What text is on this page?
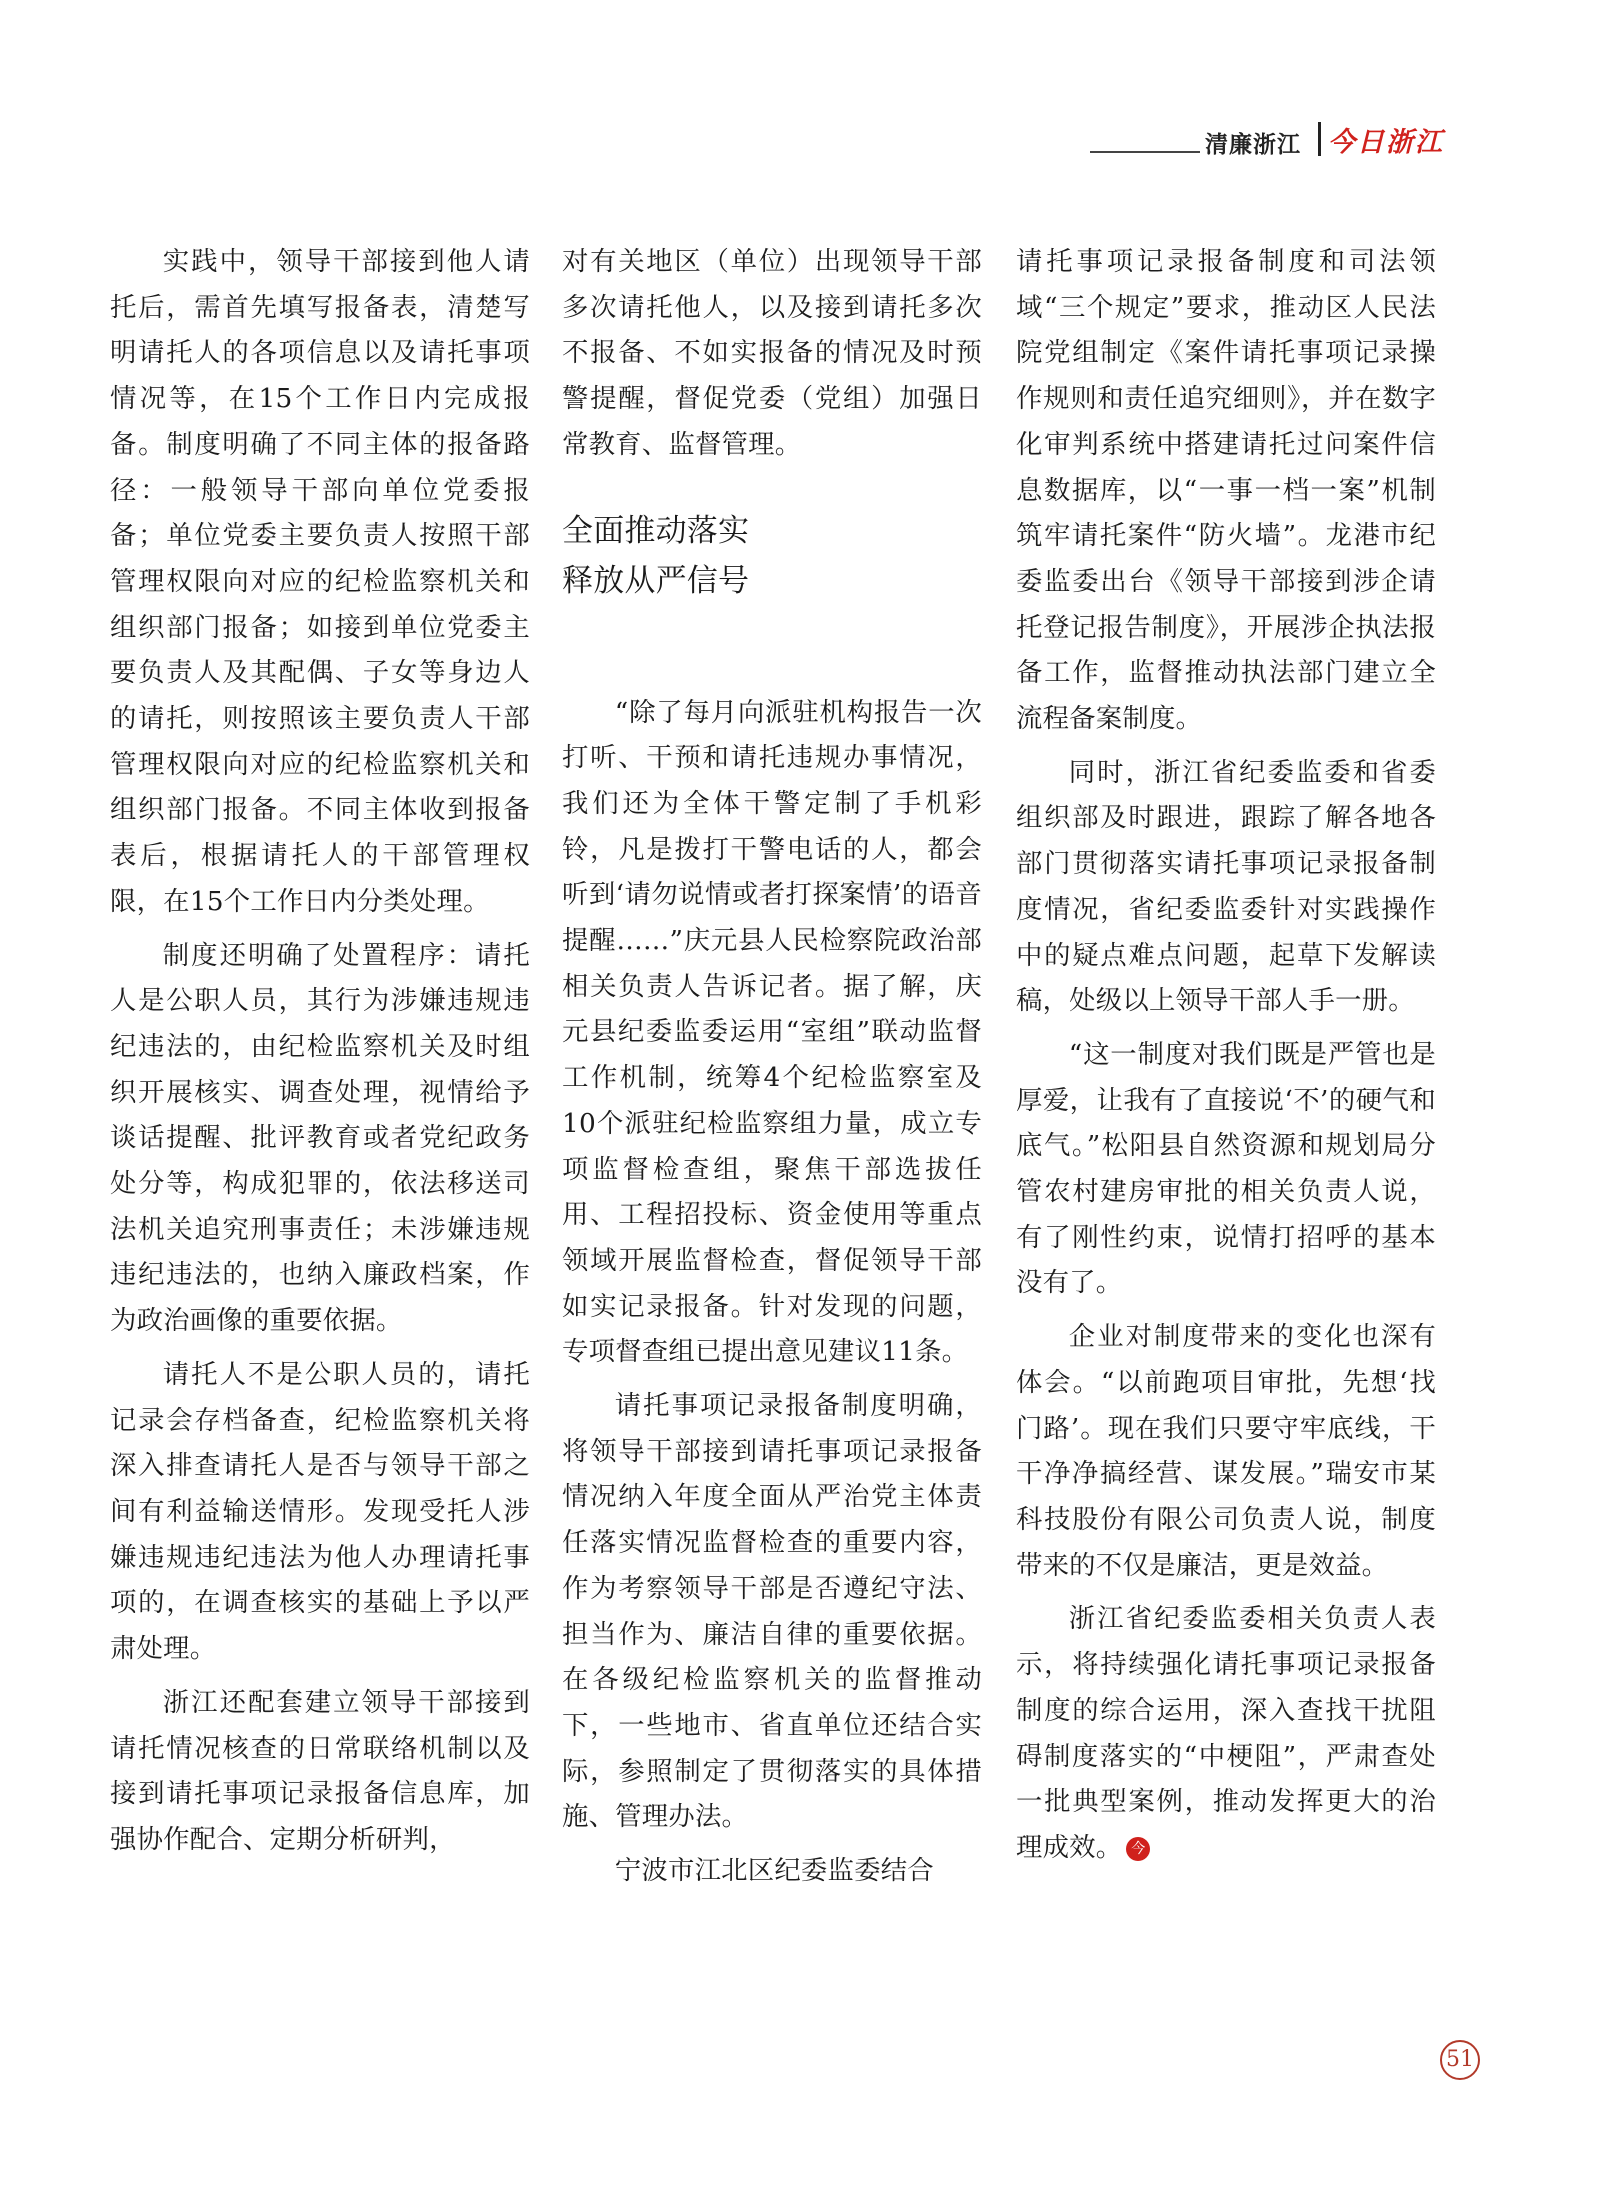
清廉浙江 今日浙江

实践中，领导干部接到他人请托后，需首先填写报备表，清楚写明请托人的各项信息以及请托事项情况等，在15个工作日内完成报备。制度明确了不同主体的报备路径：一般领导干部向单位党委报备；单位党委主要负责人按照干部管理权限向对应的纪检监察机关和组织部门报备；如接到单位党委主要负责人及其配偶、子女等身边人的请托，则按照该主要负责人干部管理权限向对应的纪检监察机关和组织部门报备。不同主体收到报备表后，根据请托人的干部管理权限，在15个工作日内分类处理。

制度还明确了处置程序：请托人是公职人员，其行为涉嫌违规违纪违法的，由纪检监察机关及时组织开展核实、调查处理，视情给予谈话提醒、批评教育或者党纪政务处分等，构成犯罪的，依法移送司法机关追究刑事责任；未涉嫌违规违纪违法的，也纳入廉政档案，作为政治画像的重要依据。

请托人不是公职人员的，请托记录会存档备查，纪检监察机关将深入排查请托人是否与领导干部之间有利益输送情形。发现受托人涉嫌违规违纪违法为他人办理请托事项的，在调查核实的基础上予以严肃处理。

浙江还配套建立领导干部接到请托情况核查的日常联络机制以及接到请托事项记录报备信息库，加强协作配合、定期分析研判，

对有关地区（单位）出现领导干部多次请托他人，以及接到请托多次不报备、不如实报备的情况及时预警提醒，督促党委（党组）加强日常教育、监督管理。

全面推动落实
释放从严信号

“除了每月向派驻机构报告一次打听、干预和请托违规办事情况，我们还为全体干警定制了手机彩铃，凡是拨打干警电话的人，都会听到‘请勿说情或者打探案情’的语音提醒……”庆元县人民检察院政治部相关负责人告诉记者。据了解，庆元县纪委监委运用“室组”联动监督工作机制，统筹4个纪检监察室及10个派驻纪检监察组力量，成立专项监督检查组，聚焦干部选拔任用、工程招投标、资金使用等重点领域开展监督检查，督促领导干部如实记录报备。针对发现的问题，专项督查组已提出意见建议11条。

请托事项记录报备制度明确，将领导干部接到请托事项记录报备情况纳入年度全面从严治党主体责任落实情况监督检查的重要内容，作为考察领导干部是否遵纪守法、担当作为、廉洁自律的重要依据。在各级纪检监察机关的监督推动下，一些地市、省直单位还结合实际，参照制定了贯彻落实的具体措施、管理办法。

宁波市江北区纪委监委结合

请托事项记录报备制度和司法领域“三个规定”要求，推动区人民法院党组制定《案件请托事项记录操作规则和责任追究细则》，并在数字化审判系统中搭建请托过问案件信息数据库，以“一事一档一案”机制筑牢请托案件“防火墙”。龙港市纪委监委出台《领导干部接到涉企请托登记报告制度》，开展涉企执法报备工作，监督推动执法部门建立全流程备案制度。

同时，浙江省纪委监委和省委组织部及时跟进，跟踪了解各地各部门贯彻落实请托事项记录报备制度情况，省纪委监委针对实践操作中的疑点难点问题，起草下发解读稿，处级以上领导干部人手一册。

“这一制度对我们既是严管也是厚爱，让我有了直接说‘不’的硬气和底气。”松阳县自然资源和规划局分管农村建房审批的相关负责人说，有了刚性约束，说情打招呼的基本没有了。

企业对制度带来的变化也深有体会。“以前跑项目审批，先想‘找门路’。现在我们只要守牢底线，干干净净搞经营、谋发展。”瑞安市某科技股份有限公司负责人说，制度带来的不仅是廉洁，更是效益。

浙江省纪委监委相关负责人表示，将持续强化请托事项记录报备制度的综合运用，深入查找干扰阻碍制度落实的“中梗阻”，严肃查处一批典型案例，推动发挥更大的治理成效。 今

51
